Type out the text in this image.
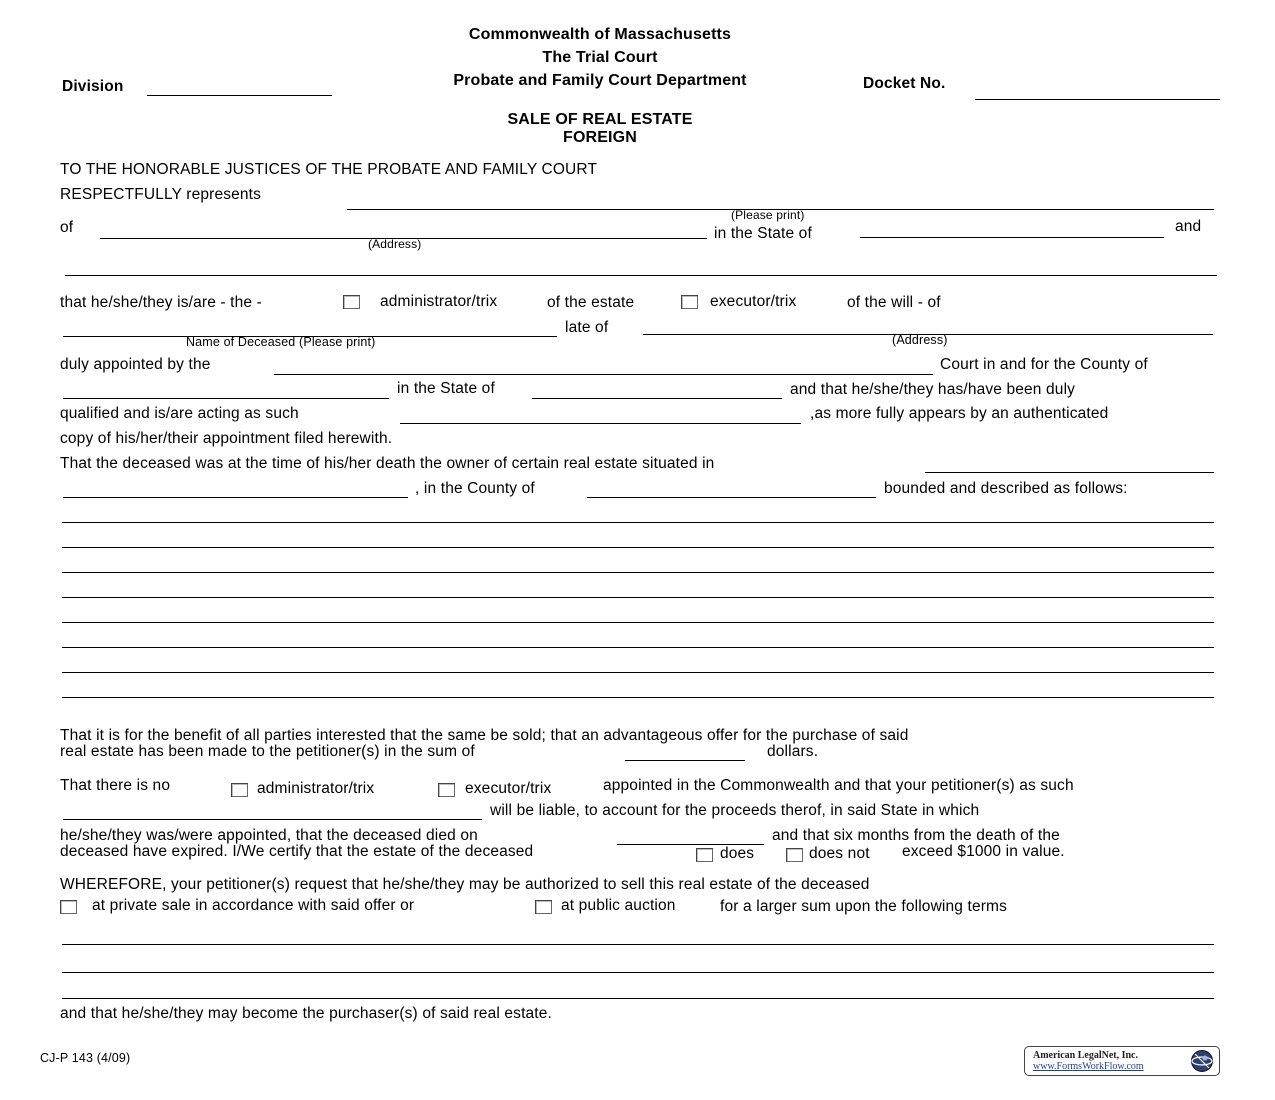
Commonwealth of Massachusetts
The Trial Court
Probate and Family Court Department
Division	Docket No.
SALE OF REAL ESTATE
FOREIGN
TO THE HONORABLE JUSTICES OF THE PROBATE AND FAMILY COURT
RESPECTFULLY represents
(Please print)
of	in the State of	and
(Address)
that he/she/they is/are - the -	administrator/trix	of the estate	executor/trix	of the will - of
late of
Name of Deceased (Please print)	(Address)
duly appointed by the	Court in and for the County of
in the State of	and that he/she/they has/have been duly
qualified and is/are acting as such	,as more fully appears by an authenticated
copy of his/her/their appointment filed herewith.
That the deceased was at the time of his/her death the owner of certain real estate situated in
, in the County of	bounded and described as follows:
That it is for the benefit of all parties interested that the same be sold; that an advantageous offer for the purchase of said
real estate has been made to the petitioner(s) in the sum of	dollars.
That there is no	administrator/trix	executor/trix	appointed in the Commonwealth and that your petitioner(s) as such
will be liable, to account for the proceeds therof, in said State in which
he/she/they was/were appointed, that the deceased died on	and that six months from the death of the
deceased have expired. I/We certify that the estate of the deceased	does	does not exceed $1000 in value.
WHEREFORE, your petitioner(s) request that he/she/they may be authorized to sell this real estate of the deceased
at private sale in accordance with said offer or	at public auction	for a larger sum upon the following terms
and that he/she/they may become the purchaser(s) of said real estate.
CJ-P 143 (4/09)	American LegalNet, Inc.
www.FormsWorkFlow.com
